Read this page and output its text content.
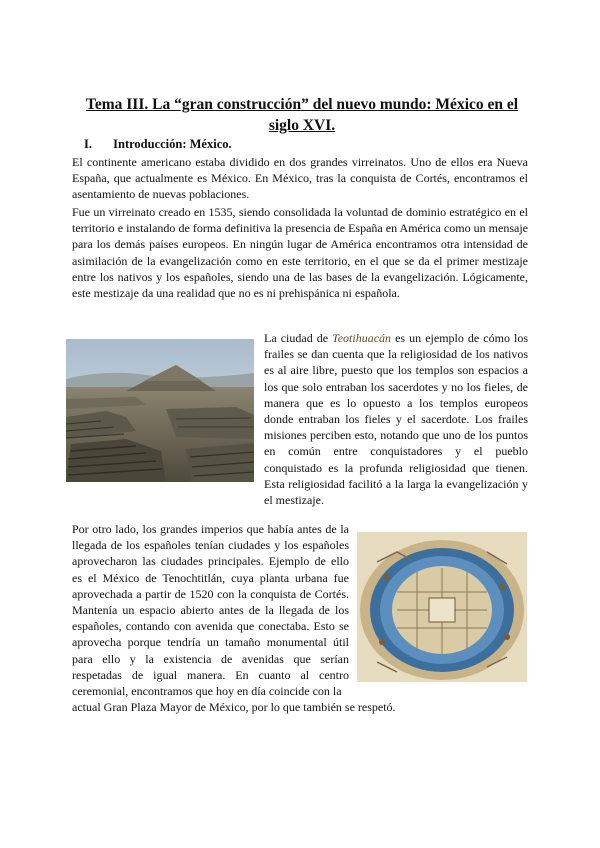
Tema III. La “gran construcción” del nuevo mundo: México en el siglo XVI.
I. Introducción: México.

El continente americano estaba dividido en dos grandes virreinatos. Uno de ellos era Nueva España, que actualmente es México. En México, tras la conquista de Cortés, encontramos el asentamiento de nuevas poblaciones.

Fue un virreinato creado en 1535, siendo consolidada la voluntad de dominio estratégico en el territorio e instalando de forma definitiva la presencia de España en América como un mensaje para los demás países europeos. En ningún lugar de América encontramos otra intensidad de asimilación de la evangelización como en este territorio, en el que se da el primer mestizaje entre los nativos y los españoles, siendo una de las bases de la evangelización. Lógicamente, este mestizaje da una realidad que no es ni prehispánica ni española.

La ciudad de Teotihuacán es un ejemplo de cómo los frailes se dan cuenta que la religiosidad de los nativos es al aire libre, puesto que los templos son espacios a los que solo entraban los sacerdotes y no los fieles, de manera que es lo opuesto a los templos europeos donde entraban los fieles y el sacerdote. Los frailes misiones perciben esto, notando que uno de los puntos en común entre conquistadores y el pueblo conquistado es la profunda religiosidad que tienen. Esta religiosidad facilitó a la larga la evangelización y el mestizaje.

Por otro lado, los grandes imperios que había antes de la llegada de los españoles tenían ciudades y los españoles aprovecharon las ciudades principales. Ejemplo de ello es el México de Tenochtitlán, cuya planta urbana fue aprovechada a partir de 1520 con la conquista de Cortés. Mantenía un espacio abierto antes de la llegada de los españoles, contando con avenida que conectaba. Esto se aprovecha porque tendría un tamaño monumental útil para ello y la existencia de avenidas que serían respetadas de igual manera. En cuanto al centro ceremonial, encontramos que hoy en día coincide con la

actual Gran Plaza Mayor de México, por lo que también se respetó.
